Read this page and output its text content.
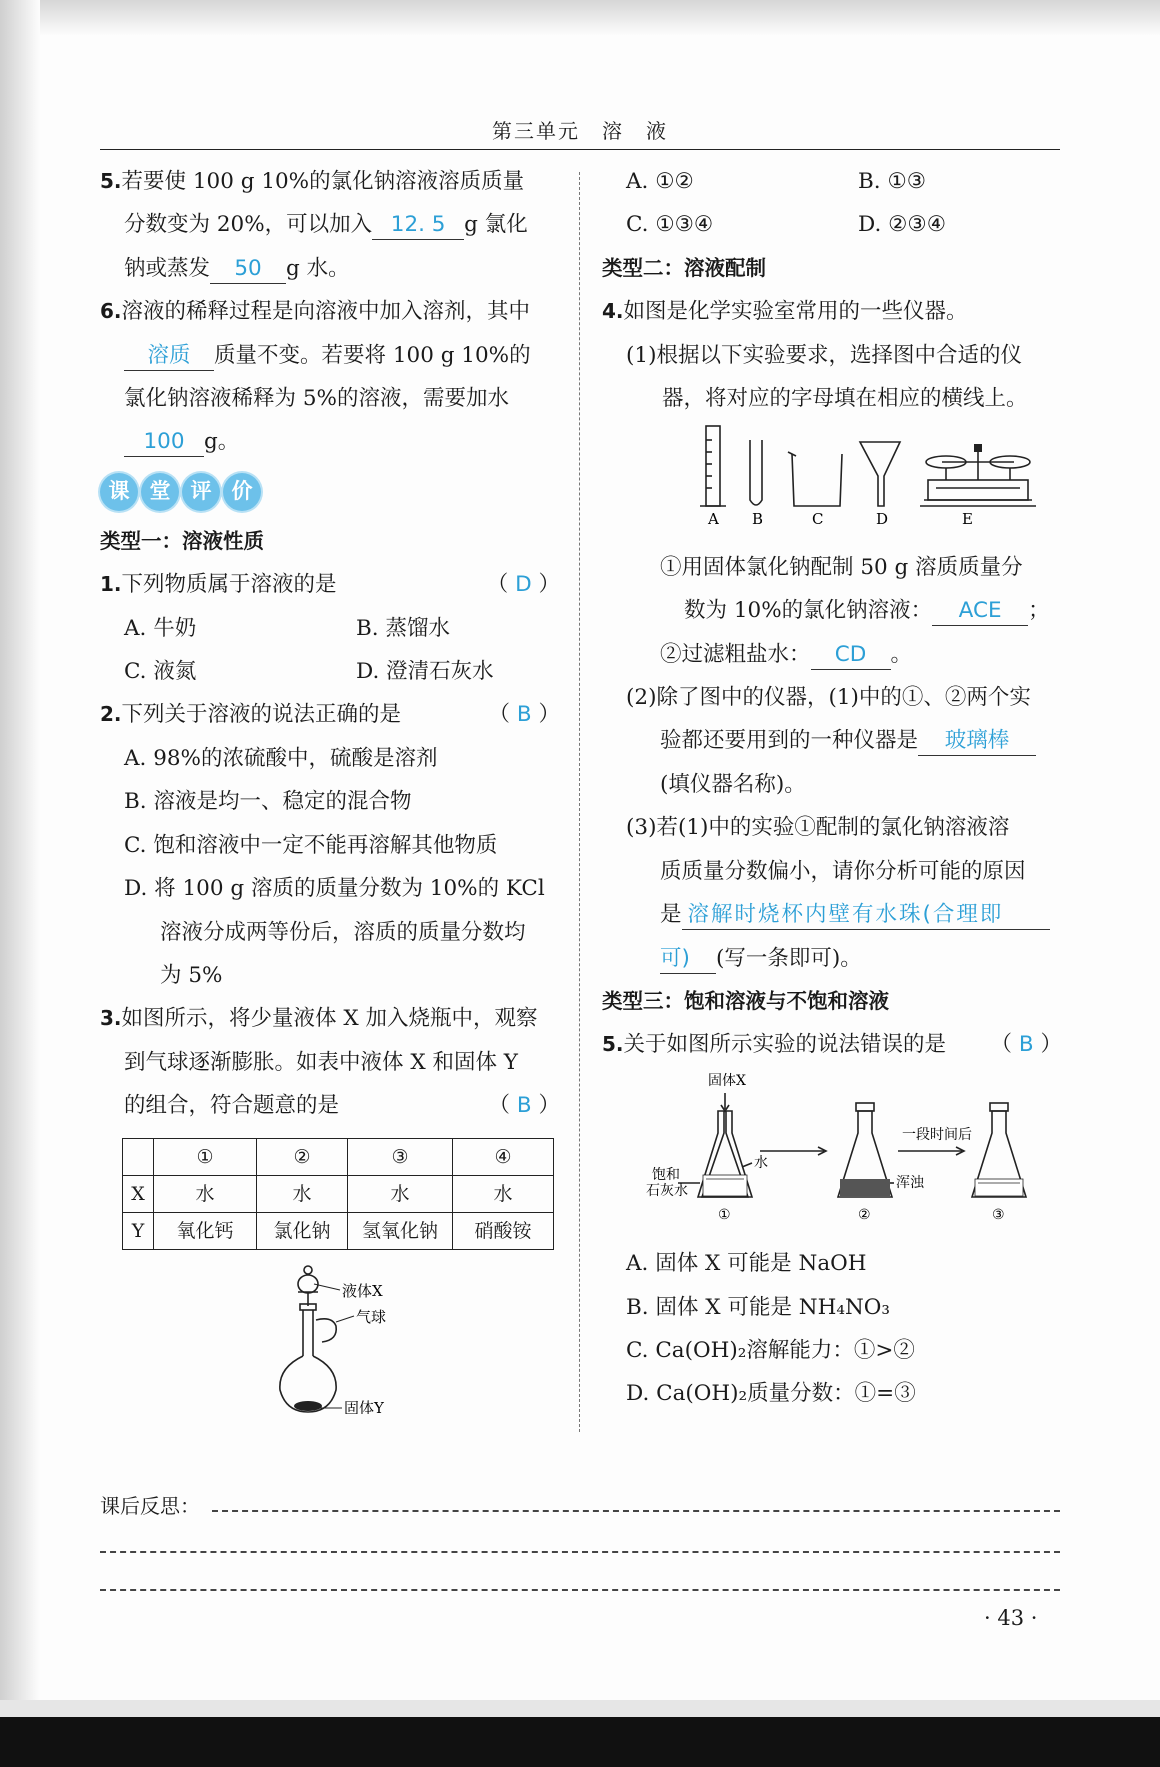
第三单元　溶　液
5.若要使 100 g 10%的氯化钠溶液溶质质量
分数变为 20%，可以加入 12. 5 g 氯化
钠或蒸发 50 g 水。
6.溶液的稀释过程是向溶液中加入溶剂，其中
溶质 质量不变。若要将 100 g 10%的
氯化钠溶液稀释为 5%的溶液，需要加水
100 g。
课 堂 评 价
类型一：溶液性质
1.下列物质属于溶液的是	（ D ）
A. 牛奶	B. 蒸馏水
C. 液氮	D. 澄清石灰水
2.下列关于溶液的说法正确的是	（ B ）
A. 98%的浓硫酸中，硫酸是溶剂
B. 溶液是均一、稳定的混合物
C. 饱和溶液中一定不能再溶解其他物质
D. 将 100 g 溶质的质量分数为 10%的 KCl
溶液分成两等份后，溶质的质量分数均
为 5%
3.如图所示，将少量液体 X 加入烧瓶中，观察
到气球逐渐膨胀。如表中液体 X 和固体 Y
的组合，符合题意的是	（ B ）
	①	②	③	④
X	水	水	水	水
Y	氧化钙	氯化钠	氢氧化钠	硝酸铵
液体X
气球
固体Y
A. ①②	B. ①③
C. ①③④	D. ②③④
类型二：溶液配制
4.如图是化学实验室常用的一些仪器。
(1)根据以下实验要求，选择图中合适的仪
器，将对应的字母填在相应的横线上。
A B	C	D	E
①用固体氯化钠配制 50 g 溶质质量分
数为 10%的氯化钠溶液： ACE ；
②过滤粗盐水： CD 。
(2)除了图中的仪器，(1)中的①、②两个实
验都还要用到的一种仪器是 玻璃棒
(填仪器名称)。
(3)若(1)中的实验①配制的氯化钠溶液溶
质质量分数偏小，请你分析可能的原因
是 溶解时烧杯内壁有水珠(合理即
可) (写一条即可)。
类型三：饱和溶液与不饱和溶液
5.关于如图所示实验的说法错误的是 （ B ）
固体X
水
饱和
石灰水	浑浊
一段时间后
①	②	③
A. 固体 X 可能是 NaOH
B. 固体 X 可能是 NH₄NO₃
C. Ca(OH)₂溶解能力：①>②
D. Ca(OH)₂质量分数：①=③
课后反思：
· 43 ·
